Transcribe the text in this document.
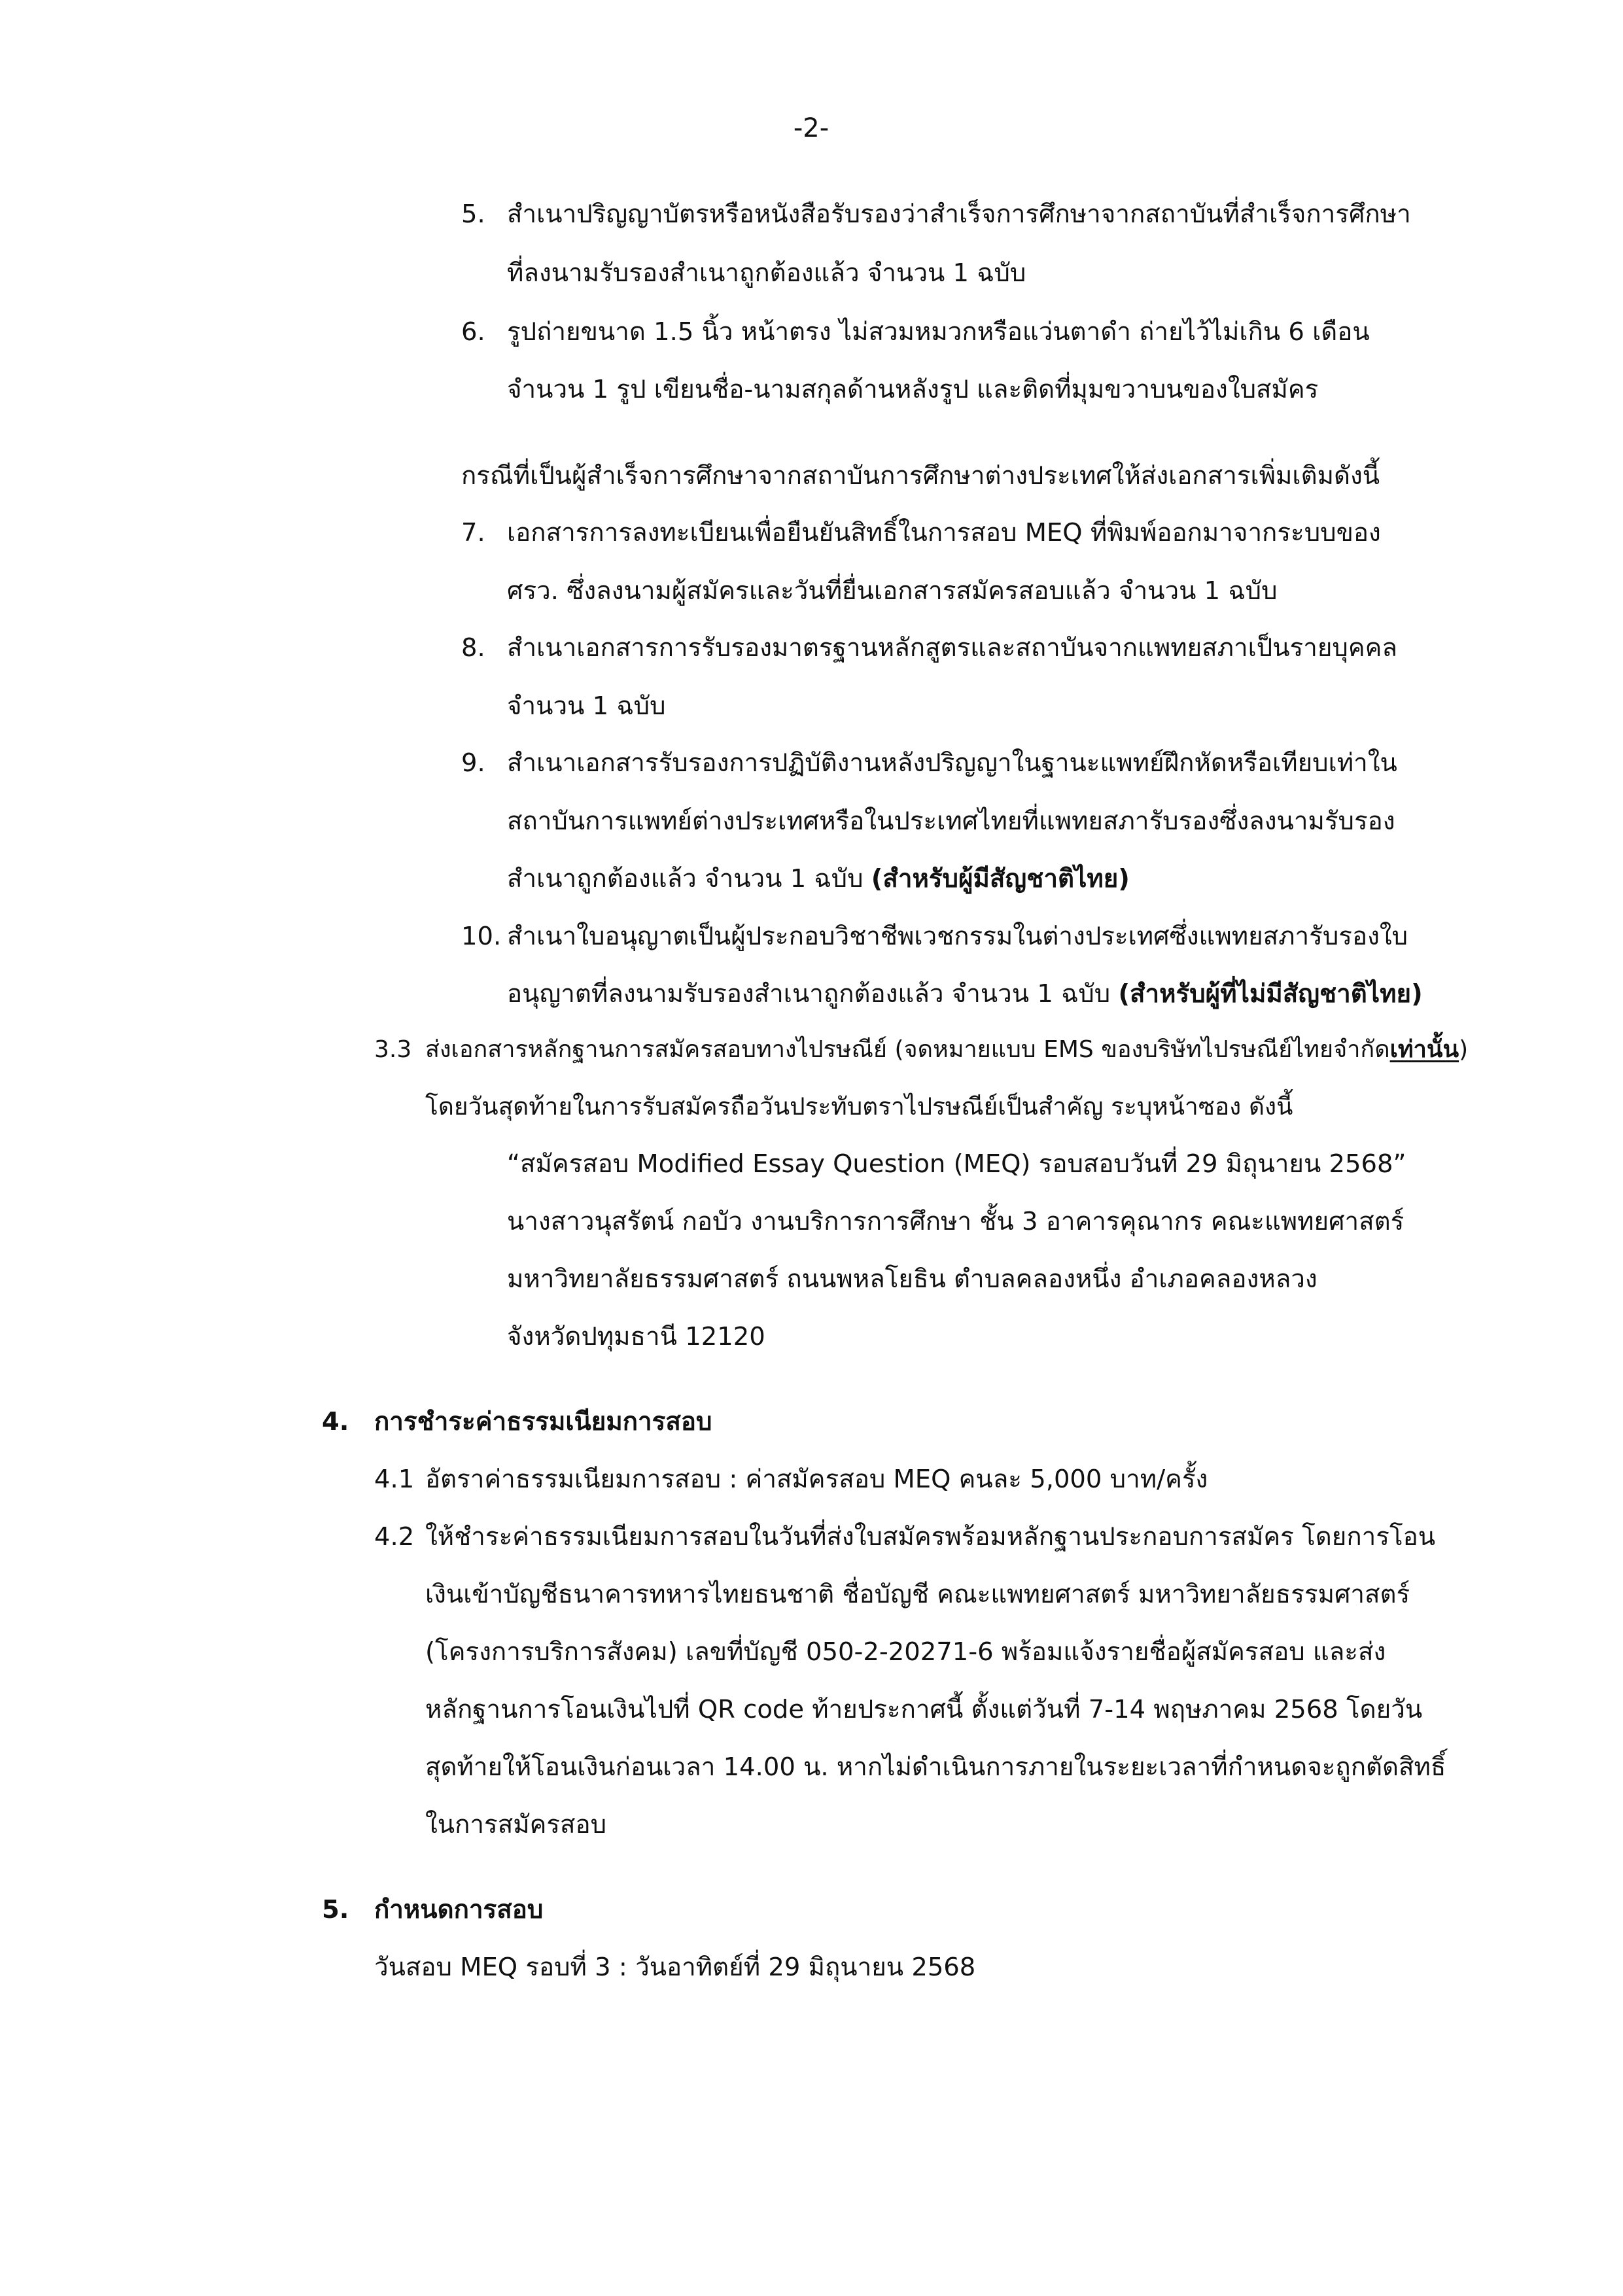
-2-
5. สำเนาปริญญาบัตรหรือหนังสือรับรองว่าสำเร็จการศึกษาจากสถาบันที่สำเร็จการศึกษา
ที่ลงนามรับรองสำเนาถูกต้องแล้ว จำนวน 1 ฉบับ
6. รูปถ่ายขนาด 1.5 นิ้ว หน้าตรง ไม่สวมหมวกหรือแว่นตาดำ ถ่ายไว้ไม่เกิน 6 เดือน
จำนวน 1 รูป เขียนชื่อ-นามสกุลด้านหลังรูป และติดที่มุมขวาบนของใบสมัคร
กรณีที่เป็นผู้สำเร็จการศึกษาจากสถาบันการศึกษาต่างประเทศให้ส่งเอกสารเพิ่มเติมดังนี้
7. เอกสารการลงทะเบียนเพื่อยืนยันสิทธิ์ในการสอบ MEQ ที่พิมพ์ออกมาจากระบบของ
ศรว. ซึ่งลงนามผู้สมัครและวันที่ยื่นเอกสารสมัครสอบแล้ว จำนวน 1 ฉบับ
8. สำเนาเอกสารการรับรองมาตรฐานหลักสูตรและสถาบันจากแพทยสภาเป็นรายบุคคล
จำนวน 1 ฉบับ
9. สำเนาเอกสารรับรองการปฏิบัติงานหลังปริญญาในฐานะแพทย์ฝึกหัดหรือเทียบเท่าใน
สถาบันการแพทย์ต่างประเทศหรือในประเทศไทยที่แพทยสภารับรองซึ่งลงนามรับรอง
สำเนาถูกต้องแล้ว จำนวน 1 ฉบับ (สำหรับผู้มีสัญชาติไทย)
10. สำเนาใบอนุญาตเป็นผู้ประกอบวิชาชีพเวชกรรมในต่างประเทศซึ่งแพทยสภารับรองใบ
อนุญาตที่ลงนามรับรองสำเนาถูกต้องแล้ว จำนวน 1 ฉบับ (สำหรับผู้ที่ไม่มีสัญชาติไทย)
3.3 ส่งเอกสารหลักฐานการสมัครสอบทางไปรษณีย์ (จดหมายแบบ EMS ของบริษัทไปรษณีย์ไทยจำกัดเท่านั้น)
โดยวันสุดท้ายในการรับสมัครถือวันประทับตราไปรษณีย์เป็นสำคัญ ระบุหน้าซอง ดังนี้
“สมัครสอบ Modified Essay Question (MEQ) รอบสอบวันที่ 29 มิถุนายน 2568”
นางสาวนุสรัตน์ กอบัว งานบริการการศึกษา ชั้น 3 อาคารคุณากร คณะแพทยศาสตร์
มหาวิทยาลัยธรรมศาสตร์ ถนนพหลโยธิน ตำบลคลองหนึ่ง อำเภอคลองหลวง
จังหวัดปทุมธานี 12120
4. การชำระค่าธรรมเนียมการสอบ
4.1 อัตราค่าธรรมเนียมการสอบ : ค่าสมัครสอบ MEQ คนละ 5,000 บาท/ครั้ง
4.2 ให้ชำระค่าธรรมเนียมการสอบในวันที่ส่งใบสมัครพร้อมหลักฐานประกอบการสมัคร โดยการโอน
เงินเข้าบัญชีธนาคารทหารไทยธนชาติ ชื่อบัญชี คณะแพทยศาสตร์ มหาวิทยาลัยธรรมศาสตร์
(โครงการบริการสังคม) เลขที่บัญชี 050-2-20271-6 พร้อมแจ้งรายชื่อผู้สมัครสอบ และส่ง
หลักฐานการโอนเงินไปที่ QR code ท้ายประกาศนี้ ตั้งแต่วันที่ 7-14 พฤษภาคม 2568 โดยวัน
สุดท้ายให้โอนเงินก่อนเวลา 14.00 น. หากไม่ดำเนินการภายในระยะเวลาที่กำหนดจะถูกตัดสิทธิ์
ในการสมัครสอบ
5. กำหนดการสอบ
วันสอบ MEQ รอบที่ 3 : วันอาทิตย์ที่ 29 มิถุนายน 2568
